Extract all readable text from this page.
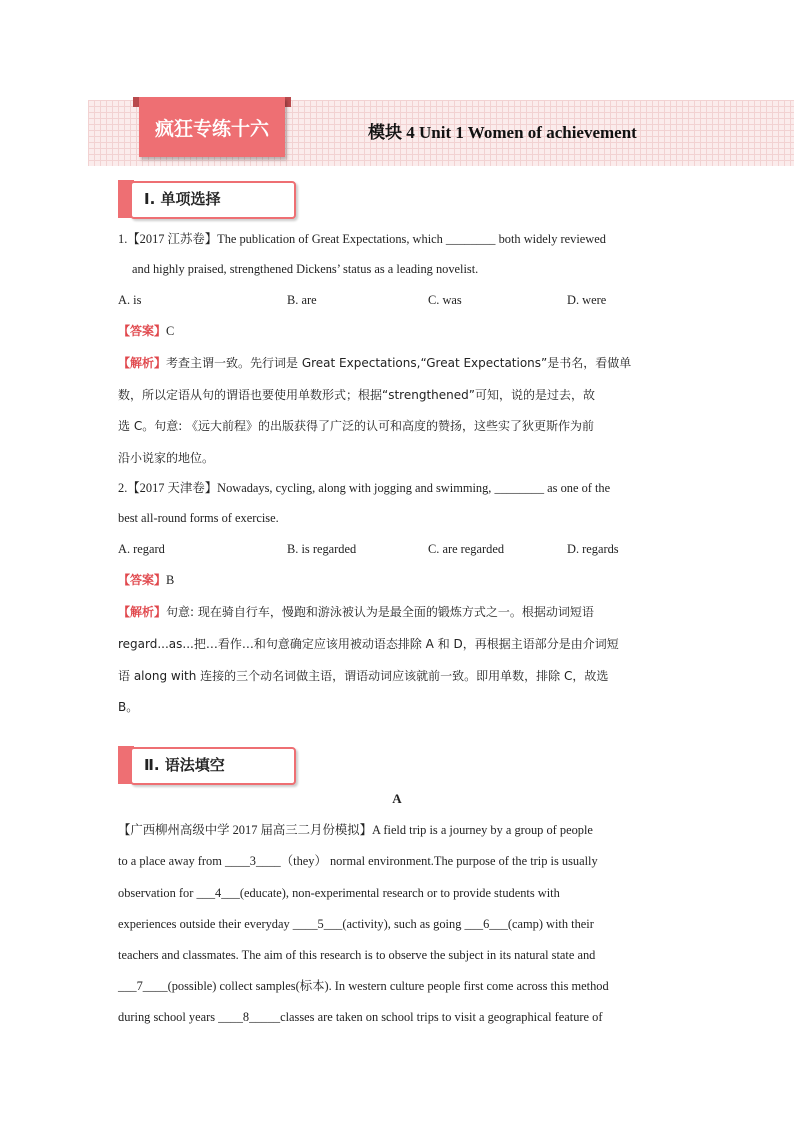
疯狂专练十六	模块 4 Unit 1 Women of achievement
Ⅰ. 单项选择
1.【2017 江苏卷】The publication of Great Expectations, which ________ both widely reviewed
and highly praised, strengthened Dickens’ status as a leading novelist.
A. is	B. are	C. was	D. were
【答案】C
【解析】考查主谓一致。先行词是 Great Expectations,“Great Expectations”是书名，看做单
数，所以定语从句的谓语也要使用单数形式；根据“strengthened”可知，说的是过去，故
选 C。句意: 《远大前程》的出版获得了广泛的认可和高度的赞扬，这些实了狄更斯作为前
沿小说家的地位。
2.【2017 天津卷】Nowadays, cycling, along with jogging and swimming, ________ as one of the
best all-round forms of exercise.
A. regard	B. is regarded	C. are regarded	D. regards
【答案】B
【解析】句意: 现在骑自行车，慢跑和游泳被认为是最全面的锻炼方式之一。根据动词短语
regard...as...把…看作…和句意确定应该用被动语态排除 A 和 D，再根据主语部分是由介词短
语 along with 连接的三个动名词做主语，谓语动词应该就前一致。即用单数，排除 C，故选
B。
Ⅱ. 语法填空
A
【广西柳州高级中学 2017 届高三二月份模拟】A field trip is a journey by a group of people
to a place away from ____3____（they） normal environment.The purpose of the trip is usually
observation for ___4___(educate), non-experimental research or to provide students with
experiences outside their everyday ____5___(activity), such as going ___6___(camp) with their
teachers and classmates. The aim of this research is to observe the subject in its natural state and
___7____(possible) collect samples(标本). In western culture people first come across this method
during school years ____8_____classes are taken on school trips to visit a geographical feature of
